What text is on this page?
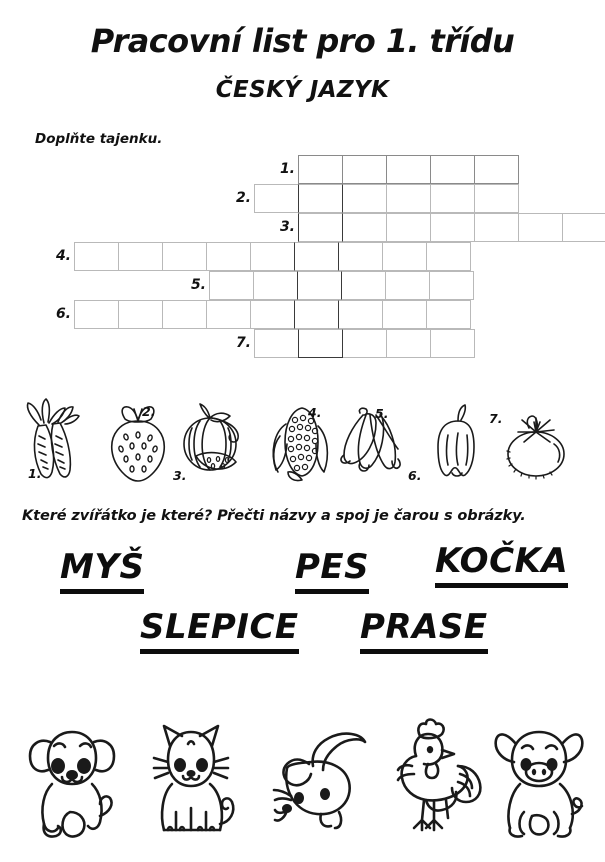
Pracovní list pro 1. třídu
ČESKÝ JAZYK
Doplňte tajenku.
1.
2.
3.
4.
5.
6.
7.
1.
2.
3.
4.	5.
6.
7.
Které zvířátko je které? Přečti názvy a spoj je čarou s obrázky.
MYŠ	PES KOČKA
SLEPICE PRASE
